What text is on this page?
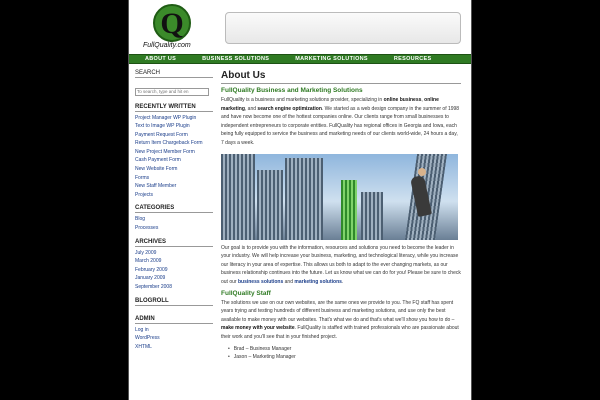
Q
FullQuality.com
ABOUT US	BUSINESS SOLUTIONS	MARKETING SOLUTIONS	RESOURCES
SEARCH
To search, type and hit en
RECENTLY WRITTEN
Project Manager WP Plugin
Text to Image WP Plugin
Payment Request Form
Return Item Chargeback Form
New Project Member Form
Cash Payment Form
New Website Form
Forms
New Staff Member
Projects
CATEGORIES
Blog
Processes
ARCHIVES
July 2009
March 2009
February 2009
January 2009
September 2008
BLOGROLL
ADMIN
Log in
WordPress
XHTML
About Us
FullQuality Business and Marketing Solutions

FullQuality is a business and marketing solutions provider, specializing in online business, online marketing, and search engine optimization. We started as a web design company in the summer of 1998 and have now become one of the hottest companies online. Our clients range from small businesses to independent entrepreneurs to corporate entities. FullQuality has regional offices in Georgia and Iowa, each being fully equipped to service the business and marketing needs of our clients world-wide, 24 hours a day, 7 days a week.

Our goal is to provide you with the information, resources and solutions you need to become the leader in your industry. We will help increase your business, marketing, and technological literacy, while you increase our literacy in your area of expertise. This allows us both to adapt to the ever changing markets, as our business relationship continues into the future. Let us know what we can do for you! Please be sure to check out our business solutions and marketing solutions.

FullQuality Staff

The solutions we use on our own websites, are the same ones we provide to you. The FQ staff has spent years trying and testing hundreds of different business and marketing solutions, and use only the best available to make money with our websites. That's what we do and that's what we'll show you how to do – make money with your website. FullQuality is staffed with trained professionals who are passionate about their work and you'll see that in your finished project.

• Brad – Business Manager
• Jason – Marketing Manager
